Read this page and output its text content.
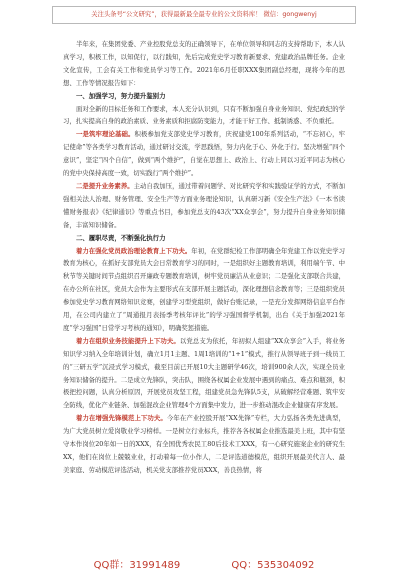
关注头条号“公文研究”，获得最新最全最专业的公文资料库！ 微信：gongwenyj

半年来，在集团党委、产业控股党总支的正确领导下，在单位领导和同志的支持帮助下，本人认真学习，积极工作，以知促行，以行践知，先后完成党史学习教育新要求、党建政治品牌任务。企业文化宣传，工会有关工作和党员学习等工作。2021年6月任职XXX集团副总经理，现将今年的思想、工作等情况报告如下：

一、加强学习，努力提升鉴别力

面对全新的目标任务和工作要求，本人充分认识到，只有不断加强自身业务知识、党纪政纪的学习，扎实提高自身的政治素质、业务素质和拒腐防变能力，才能干好工作、抵制诱惑、不负重托。

一是筑牢理论基础。积极参加党支部党史学习教育，庆祝建党100年系列活动，“不忘初心，牢记使命”等各类学习教育活动，通过研讨交流，学思践悟，努力内化于心、外化于行。坚决增强“四个意识”，坚定“四个自信”，做到“两个维护”，自觉在思想上、政治上、行动上同以习近平同志为核心的党中央保持高度一致，切实践行“两个维护”。

二是提升业务素养。主动自我加压，通过带着问题学、对比研究学和实践验证学的方式，不断加强相关法人治理、财务管理、安全生产等方面业务理论知识，认真研习新《安全生产法》《一本书读懂财务报表》《纪律通识》等重点书目，参加党总支的43次“XX众享会”，努力提升自身业务知识储备，丰富知识储备。

二、履职尽责，不断强化执行力

着力在强化党员政治理论教育上下功夫。年初，在党群纪检工作部明确全年党建工作以党史学习教育为核心，在抓好支部党员大会日常教育学习的同时，一是组织好主题教育培训，利用端午节、中秋节等关键时间节点组织召开廉政专题教育培训，树牢党员廉洁从业意识；二是强化支部联合共建，在办公所在社区，党员大会作为主要形式在支部开展主题活动，深化理想信念教育等；三是组织党员参加党史学习教育网络知识竞赛，创建学习型党组织，做好台账记录，一是充分发挥网络信息平台作用，在公司内建立了“周通报月表扬季考核年评比”的学习强国督学机制，出台《关于加强2021年度“学习强国”日常学习考核的通知》，明确奖惩措施。

着力在组织业务技能提升上下功夫。以党总支为依托，年初拟人组建“XX众享会”入手，将业务知识学习纳入全年培训计划，确立1月1主题、1周1培训的“1+1”模式，推行从领导班子到一线员工的“三研五学”沉浸式学习模式，截至目前已开展10大主题研学46次，培训900余人次，实现全员业务知识储备的提升。二是成立先锋队，突击队，围绕各权属企业发展中遇到的痛点、难点和瓶颈，积极把控问题，认真分析原因，开展党员攻坚工程，组建党员急先锋队5支，从破解经营难题、筑牢安全防线，优化产业链条、加强混改企业管理4个方面集中发力，进一步推动混改企业健康有序发展。

着力在增强先锋模范上下功夫。今年在产业控股开展“XX先锋”专栏，大力弘扬各类先进典型，为广大党员树立爱岗敬业学习榜样。一是树立行业标兵，推荐各各权属企业推选最美上班，其中有坚守本作岗位20年如一日的XXX，有全国优秀农民工80后技术工XXX，有一心研究施案企业的研究生XX，他们在岗位上兢兢业业，打动着每一位小作人，二是评选道德模范，组织开展最美代言人、最美家庭、劳动模范评选活动，机关党支部推荐党员XXX，善良热情，将

QQ群：31991489	QQ：535304092
